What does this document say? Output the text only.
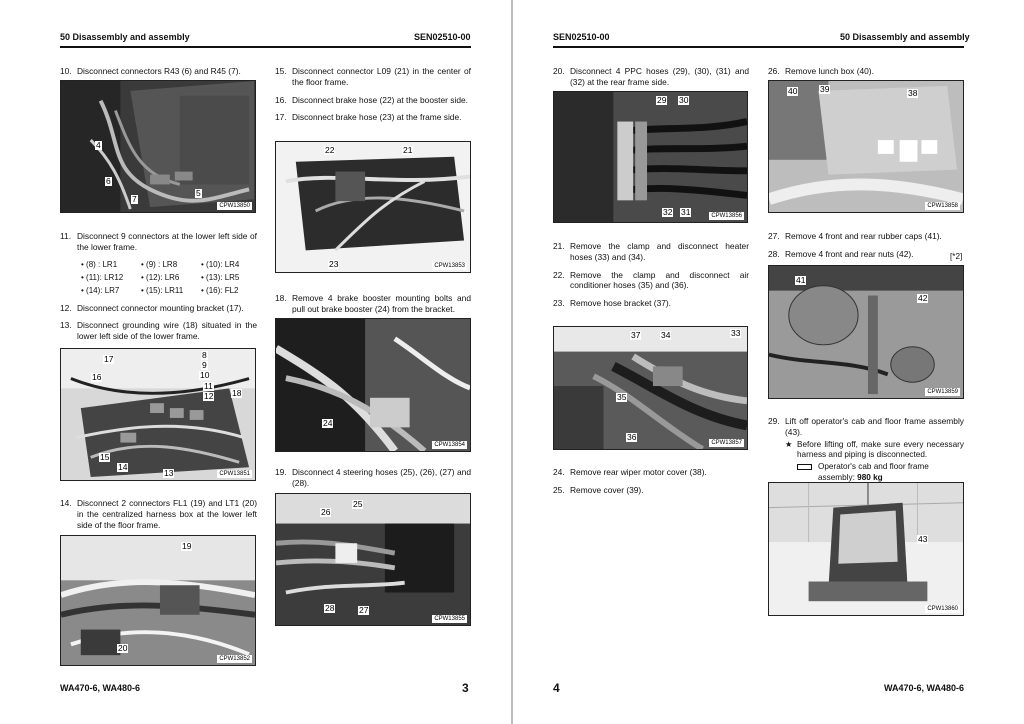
50 Disassembly and assembly	SEN02510-00
10. Disconnect connectors R43 (6) and R45 (7).
4
6
7
5
CPW13850
11. Disconnect 9 connectors at the lower left side of the lower frame.
• (8) : LR1	• (9) : LR8	• (10): LR4
• (11): LR12	• (12): LR6	• (13): LR5
• (14): LR7	• (15): LR11	• (16): FL2
12. Disconnect connector mounting bracket (17).
13. Disconnect grounding wire (18) situated in the lower left side of the lower frame.
17	8
9
10
11
12
16
18
15
14
13	CPW13851
14. Disconnect 2 connectors FL1 (19) and LT1 (20) in the centralized harness box at the lower left side of the floor frame.
19
20
CPW13852
15. Disconnect connector L09 (21) in the center of the floor frame.
16. Disconnect brake hose (22) at the booster side.
17. Disconnect brake hose (23) at the frame side.
22	21
23	CPW13853
18. Remove 4 brake booster mounting bolts and pull out brake booster (24) from the bracket.
24
CPW13854
19. Disconnect 4 steering hoses (25), (26), (27) and (28).
26
25
28	27
CPW13855
WA470-6, WA480-6	3
SEN02510-00	50 Disassembly and assembly
20. Disconnect 4 PPC hoses (29), (30), (31) and (32) at the rear frame side.
29 30
32 31	CPW13856
21. Remove the clamp and disconnect heater hoses (33) and (34).
22. Remove the clamp and disconnect air conditioner hoses (35) and (36).
23. Remove hose bracket (37).
37 34	33
35
36
CPW13857
24. Remove rear wiper motor cover (38).
25. Remove cover (39).
26. Remove lunch box (40).
40	39	38
CPW13858
27. Remove 4 front and rear rubber caps (41).
28. Remove 4 front and rear nuts (42).	[*2]
41
42
CPW13859
29. Lift off operator's cab and floor frame assembly (43).
★ Before lifting off, make sure every necessary harness and piping is disconnected.
Operator's cab and floor frame assembly: 980 kg
43
CPW13860
4	WA470-6, WA480-6
